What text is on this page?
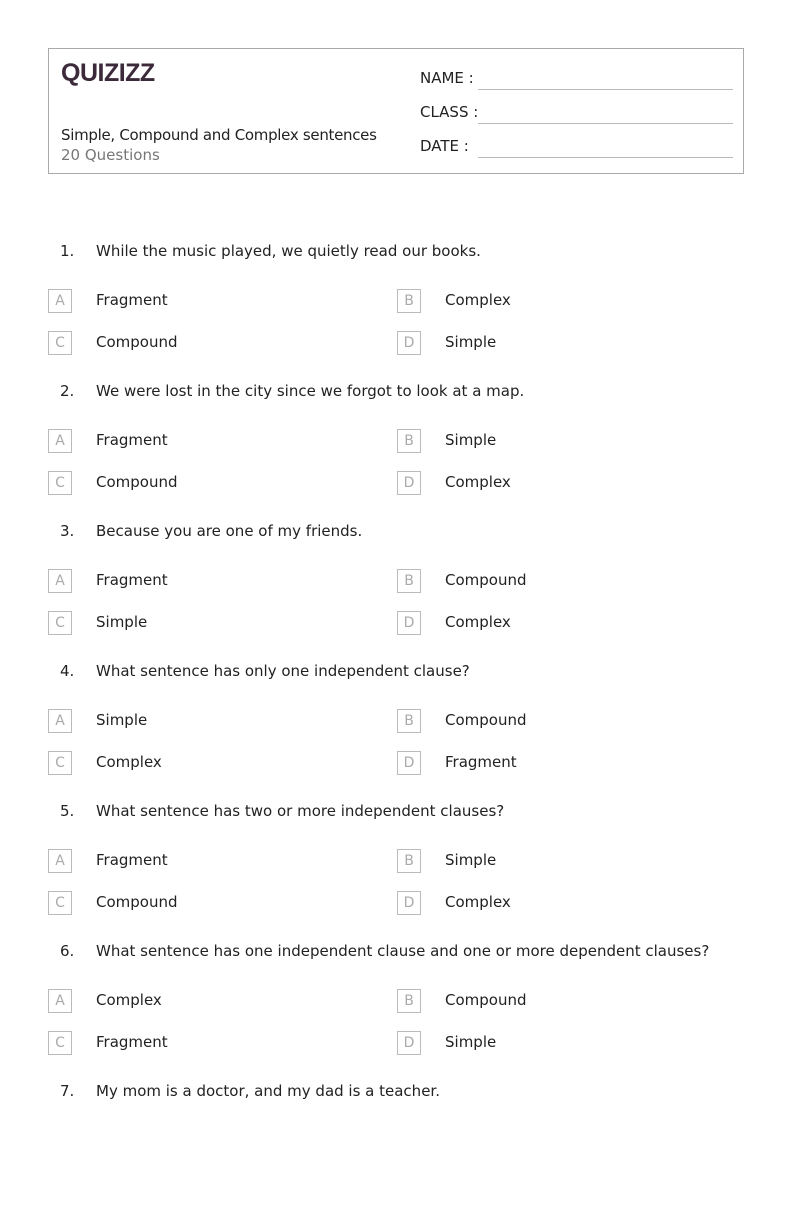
QUIZIZZ
Simple, Compound and Complex sentences
20 Questions
NAME :
CLASS :
DATE :
1. While the music played, we quietly read our books.
A	Fragment	B	Complex
C	Compound	D	Simple
2. We were lost in the city since we forgot to look at a map.
A	Fragment	B	Simple
C	Compound	D	Complex
3. Because you are one of my friends.
A	Fragment	B	Compound
C	Simple	D	Complex
4. What sentence has only one independent clause?
A	Simple	B	Compound
C	Complex	D	Fragment
5. What sentence has two or more independent clauses?
A	Fragment	B	Simple
C	Compound	D	Complex
6. What sentence has one independent clause and one or more dependent clauses?
A	Complex	B	Compound
C	Fragment	D	Simple
7. My mom is a doctor, and my dad is a teacher.
